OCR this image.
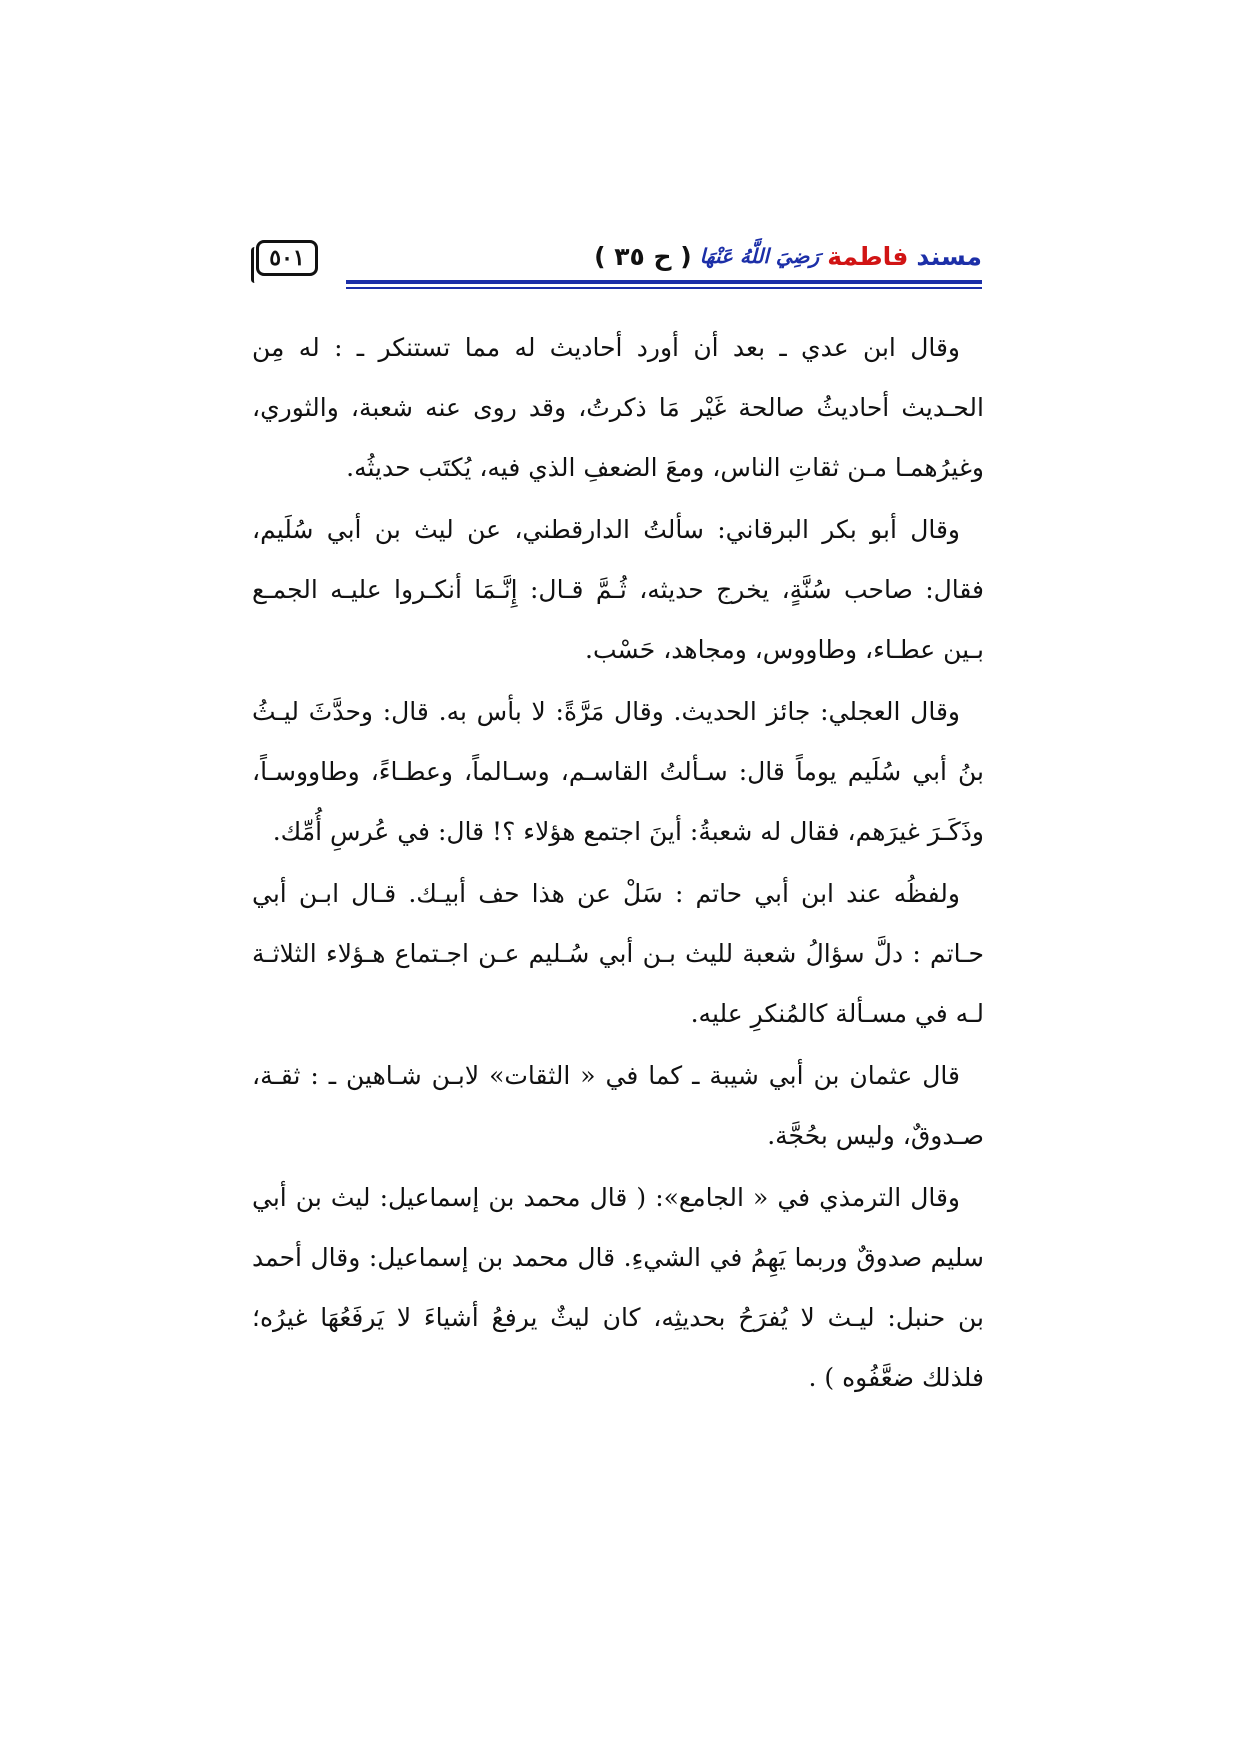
٥٠١	مسند
فاطمة
رَضِيَ اللَّهُ عَنْهَا
( ح ٣٥ )

وقال ابن عدي ـ بعد أن أورد أحاديث له مما تستنكر ـ : له مِن الحـديث أحاديثُ صالحة غَيْر مَا ذكرتُ، وقد روى عنه شعبة، والثوري، وغيرُهمـا مـن ثقاتِ الناس، ومعَ الضعفِ الذي فيه، يُكتَب حديثُه.

وقال أبو بكر البرقاني: سألتُ الدارقطني، عن ليث بن أبي سُلَيم، فقال: صاحب سُنَّةٍ، يخرج حديثه، ثُـمَّ قـال: إِنَّـمَا أنكـروا عليـه الجمـع بـين عطـاء، وطاووس، ومجاهد، حَسْب.

وقال العجلي: جائز الحديث. وقال مَرَّةً: لا بأس به. قال: وحدَّثَ ليـثُ بنُ أبي سُلَيم يوماً قال: سـألتُ القاسـم، وسـالماً، وعطـاءً، وطاووسـاً، وذَكَـرَ غيرَهم، فقال له شعبةُ: أينَ اجتمع هؤلاء ؟! قال: في عُرسِ أُمِّك.

ولفظُه عند ابن أبي حاتم : سَلْ عن هذا حف أبيـك. قـال ابـن أبي حـاتم : دلَّ سؤالُ شعبة لليث بـن أبي سُـليم عـن اجـتماع هـؤلاء الثلاثـة لـه في مسـألة كالمُنكرِ عليه.

قال عثمان بن أبي شيبة ـ كما في « الثقات» لابـن شـاهين ـ : ثقـة، صـدوقٌ، وليس بحُجَّة.

وقال الترمذي في « الجامع»: ( قال محمد بن إسماعيل: ليث بن أبي سليم صدوقٌ وربما يَهِمُ في الشيءِ. قال محمد بن إسماعيل: وقال أحمد بن حنبل: ليـث لا يُفرَحُ بحديثِه، كان ليثٌ يرفعُ أشياءَ لا يَرفَعُهَا غيرُه؛ فلذلك ضعَّفُوه ) .
